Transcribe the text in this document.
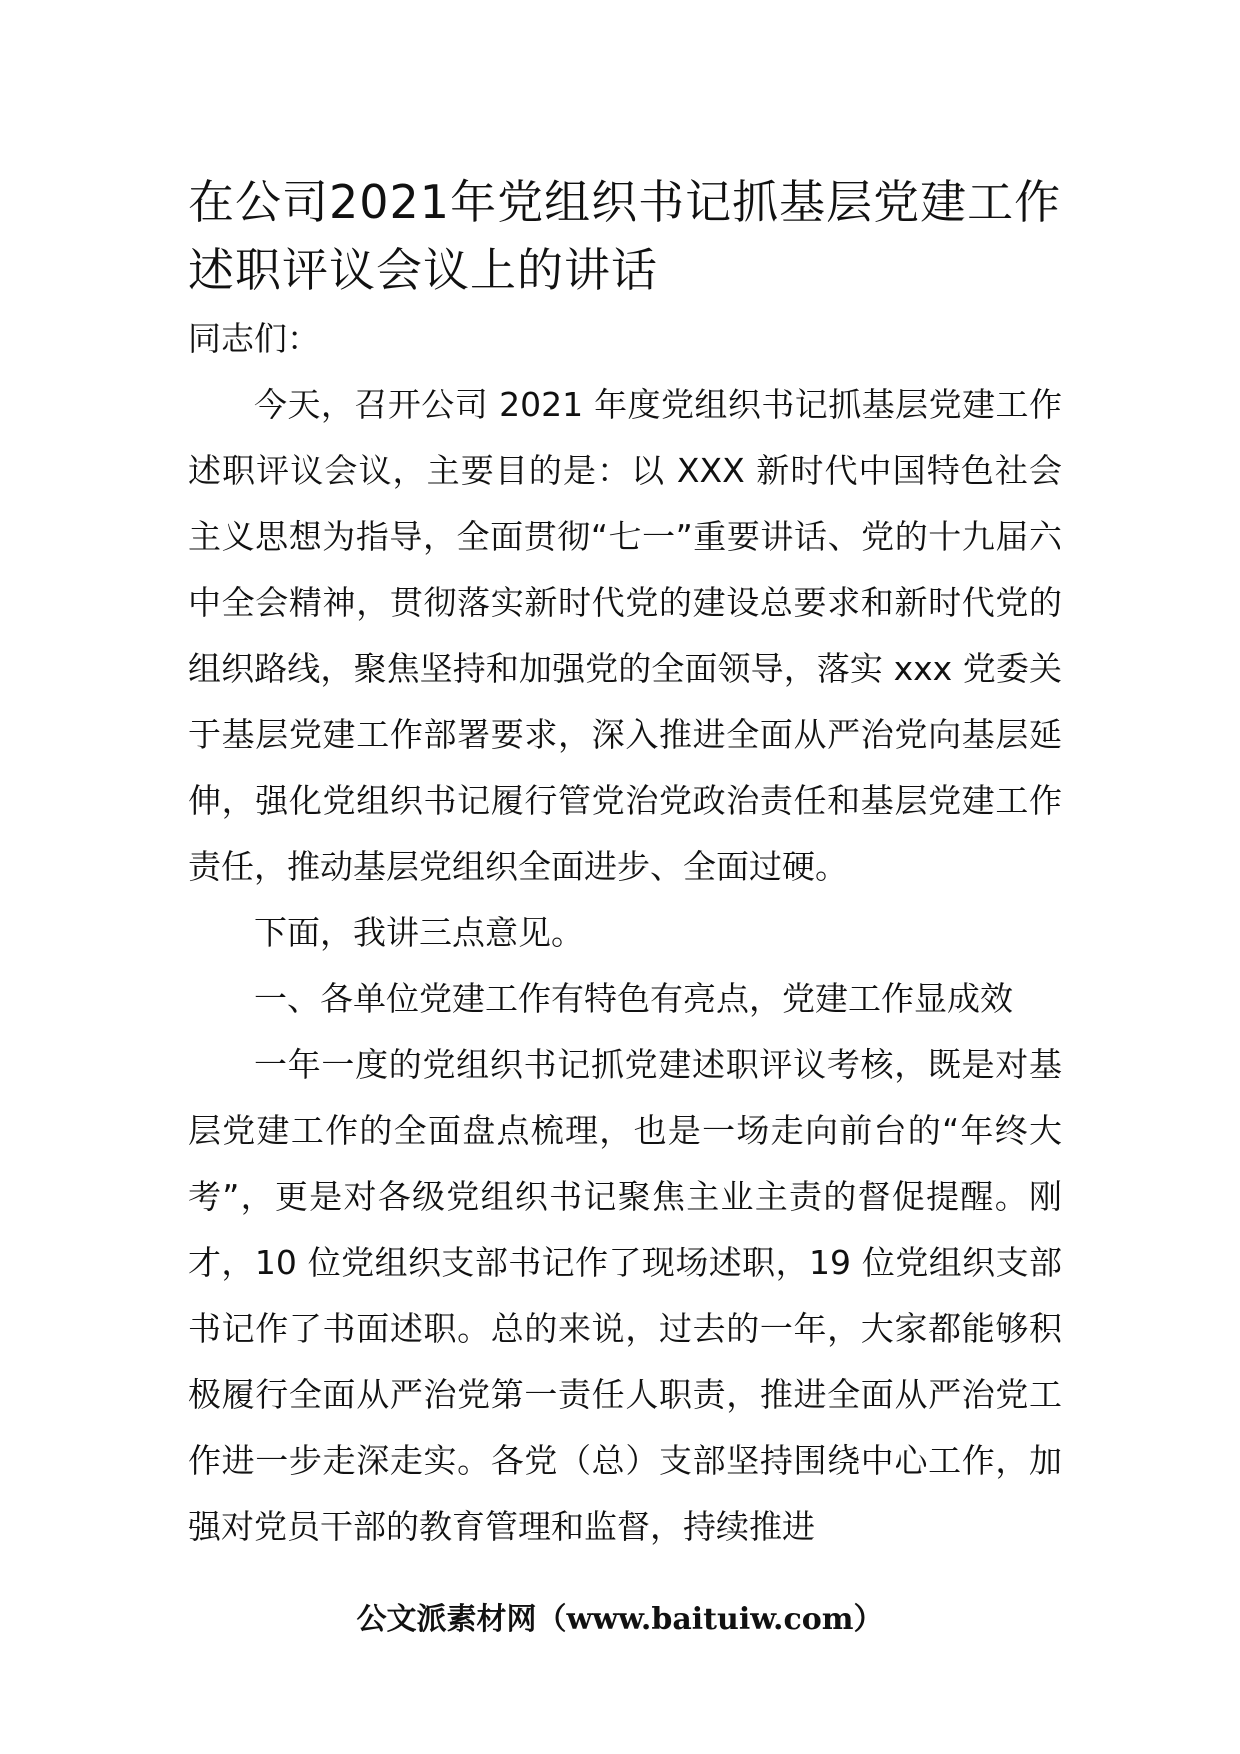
在公司2021年党组织书记抓基层党建工作述职评议会议上的讲话

同志们：

今天，召开公司 2021 年度党组织书记抓基层党建工作述职评议会议，主要目的是：以 XXX 新时代中国特色社会主义思想为指导，全面贯彻“七一”重要讲话、党的十九届六中全会精神，贯彻落实新时代党的建设总要求和新时代党的组织路线，聚焦坚持和加强党的全面领导，落实 xxx 党委关于基层党建工作部署要求，深入推进全面从严治党向基层延伸，强化党组织书记履行管党治党政治责任和基层党建工作责任，推动基层党组织全面进步、全面过硬。

下面，我讲三点意见。

一、各单位党建工作有特色有亮点，党建工作显成效

一年一度的党组织书记抓党建述职评议考核，既是对基层党建工作的全面盘点梳理，也是一场走向前台的“年终大考”，更是对各级党组织书记聚焦主业主责的督促提醒。刚才，10 位党组织支部书记作了现场述职，19 位党组织支部书记作了书面述职。总的来说，过去的一年，大家都能够积极履行全面从严治党第一责任人职责，推进全面从严治党工作进一步走深走实。各党（总）支部坚持围绕中心工作，加强对党员干部的教育管理和监督，持续推进

公文派素材网（www.baituiw.com）
